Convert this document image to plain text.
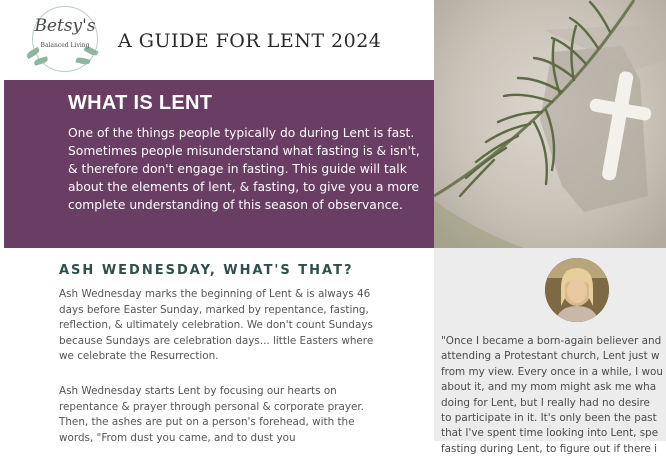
Betsy's
Balanced Living	A GUIDE FOR LENT 2024
WHAT IS LENT

One of the things people typically do during Lent is fast. Sometimes people misunderstand what fasting is & isn't, & therefore don't engage in fasting. This guide will talk about the elements of lent, & fasting, to give you a more complete understanding of this season of observance.

"Once I became a born-again believer and
attending a Protestant church, Lent just w
from my view. Every once in a while, I wou
about it, and my mom might ask me wha
doing for Lent, but I really had no desire
to participate in it. It's only been the past
that I've spent time looking into Lent, spe
fasting during Lent, to figure out if there i
ASH WEDNESDAY, WHAT'S THAT?

Ash Wednesday marks the beginning of Lent & is always 46 days before Easter Sunday, marked by repentance, fasting, reflection, & ultimately celebration. We don't count Sundays because Sundays are celebration days... little Easters where we celebrate the Resurrection.

Ash Wednesday starts Lent by focusing our hearts on repentance & prayer through personal & corporate prayer. Then, the ashes are put on a person's forehead, with the words, "From dust you came, and to dust you
